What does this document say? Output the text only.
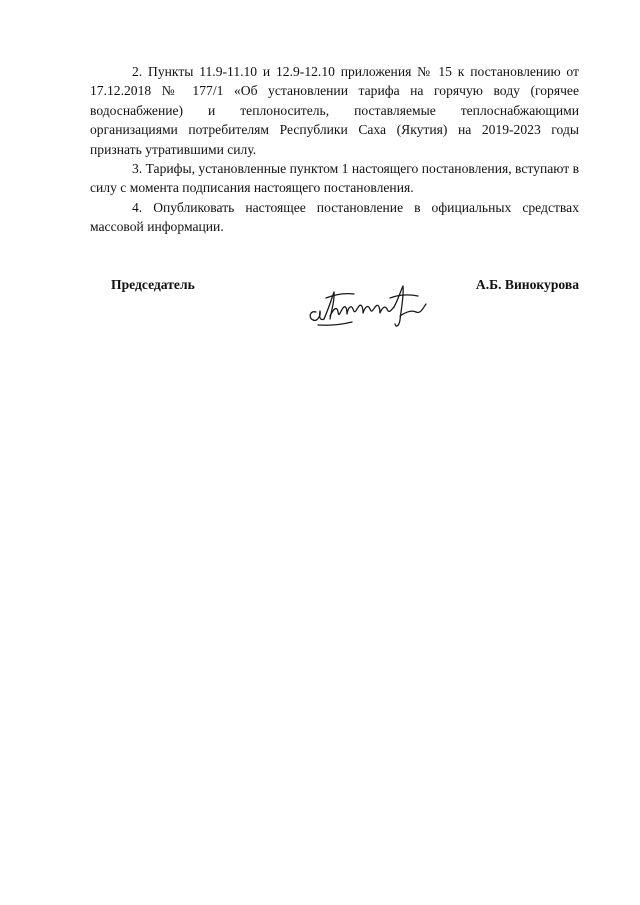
2. Пункты 11.9-11.10 и 12.9-12.10 приложения № 15 к постановлению от 17.12.2018 № 177/1 «Об установлении тарифа на горячую воду (горячее водоснабжение) и теплоноситель, поставляемые теплоснабжающими организациями потребителям Республики Саха (Якутия) на 2019-2023 годы признать утратившими силу.

3. Тарифы, установленные пунктом 1 настоящего постановления, вступают в силу с момента подписания настоящего постановления.

4. Опубликовать настоящее постановление в официальных средствах массовой информации.

Председатель	А.Б. Винокурова
